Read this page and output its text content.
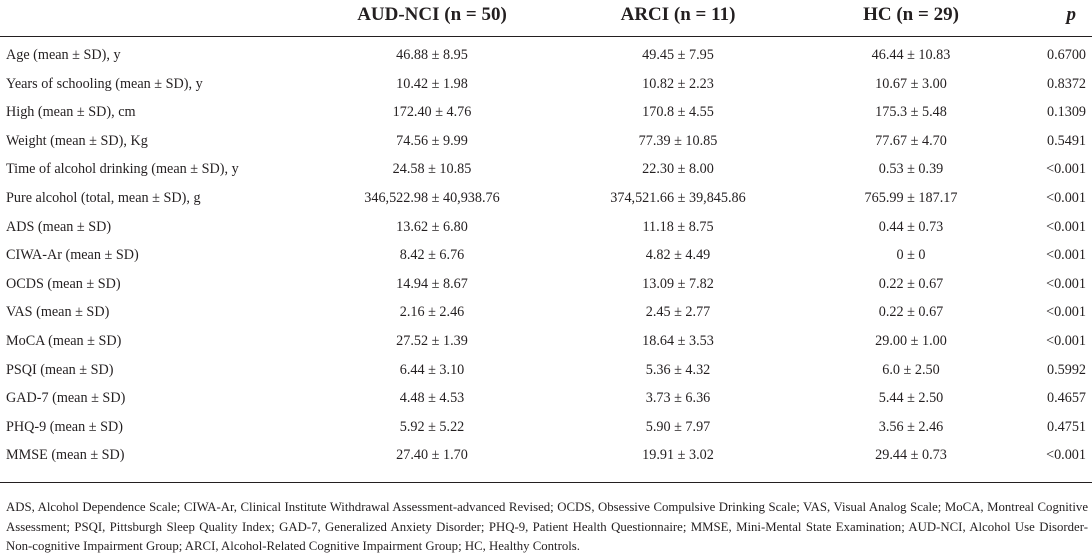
AUD-NCI (n = 50)	ARCI (n = 11)	HC (n = 29)	p
Age (mean ± SD), y	46.88 ± 8.95	49.45 ± 7.95	46.44 ± 10.83	0.6700
Years of schooling (mean ± SD), y	10.42 ± 1.98	10.82 ± 2.23	10.67 ± 3.00	0.8372
High (mean ± SD), cm	172.40 ± 4.76	170.8 ± 4.55	175.3 ± 5.48	0.1309
Weight (mean ± SD), Kg	74.56 ± 9.99	77.39 ± 10.85	77.67 ± 4.70	0.5491
Time of alcohol drinking (mean ± SD), y	24.58 ± 10.85	22.30 ± 8.00	0.53 ± 0.39	<0.001
Pure alcohol (total, mean ± SD), g	346,522.98 ± 40,938.76	374,521.66 ± 39,845.86	765.99 ± 187.17	<0.001
ADS (mean ± SD)	13.62 ± 6.80	11.18 ± 8.75	0.44 ± 0.73	<0.001
CIWA-Ar (mean ± SD)	8.42 ± 6.76	4.82 ± 4.49	0 ± 0	<0.001
OCDS (mean ± SD)	14.94 ± 8.67	13.09 ± 7.82	0.22 ± 0.67	<0.001
VAS (mean ± SD)	2.16 ± 2.46	2.45 ± 2.77	0.22 ± 0.67	<0.001
MoCA (mean ± SD)	27.52 ± 1.39	18.64 ± 3.53	29.00 ± 1.00	<0.001
PSQI (mean ± SD)	6.44 ± 3.10	5.36 ± 4.32	6.0 ± 2.50	0.5992
GAD-7 (mean ± SD)	4.48 ± 4.53	3.73 ± 6.36	5.44 ± 2.50	0.4657
PHQ-9 (mean ± SD)	5.92 ± 5.22	5.90 ± 7.97	3.56 ± 2.46	0.4751
MMSE (mean ± SD)	27.40 ± 1.70	19.91 ± 3.02	29.44 ± 0.73	<0.001
ADS, Alcohol Dependence Scale; CIWA-Ar, Clinical Institute Withdrawal Assessment-advanced Revised; OCDS, Obsessive Compulsive Drinking Scale; VAS, Visual Analog Scale; MoCA, Montreal Cognitive Assessment; PSQI, Pittsburgh Sleep Quality Index; GAD-7, Generalized Anxiety Disorder; PHQ-9, Patient Health Questionnaire; MMSE, Mini-Mental State Examination; AUD-NCI, Alcohol Use Disorder-Non-cognitive Impairment Group; ARCI, Alcohol-Related Cognitive Impairment Group; HC, Healthy Controls.
